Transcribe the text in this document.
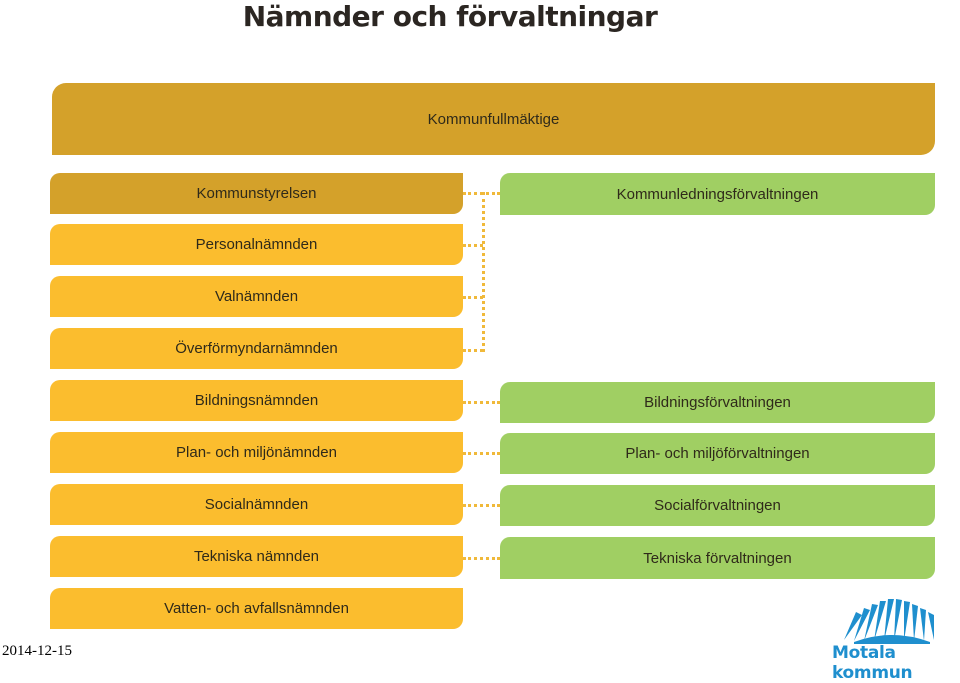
Nämnder och förvaltningar
Kommunfullmäktige
Kommunstyrelsen
Personalnämnden
Valnämnden
Överförmyndarnämnden
Bildningsnämnden
Plan- och miljönämnden
Socialnämnden
Tekniska nämnden
Vatten- och avfallsnämnden
Kommunledningsförvaltningen
Bildningsförvaltningen
Plan- och miljöförvaltningen
Socialförvaltningen
Tekniska förvaltningen
2014-12-15	Motala kommun
